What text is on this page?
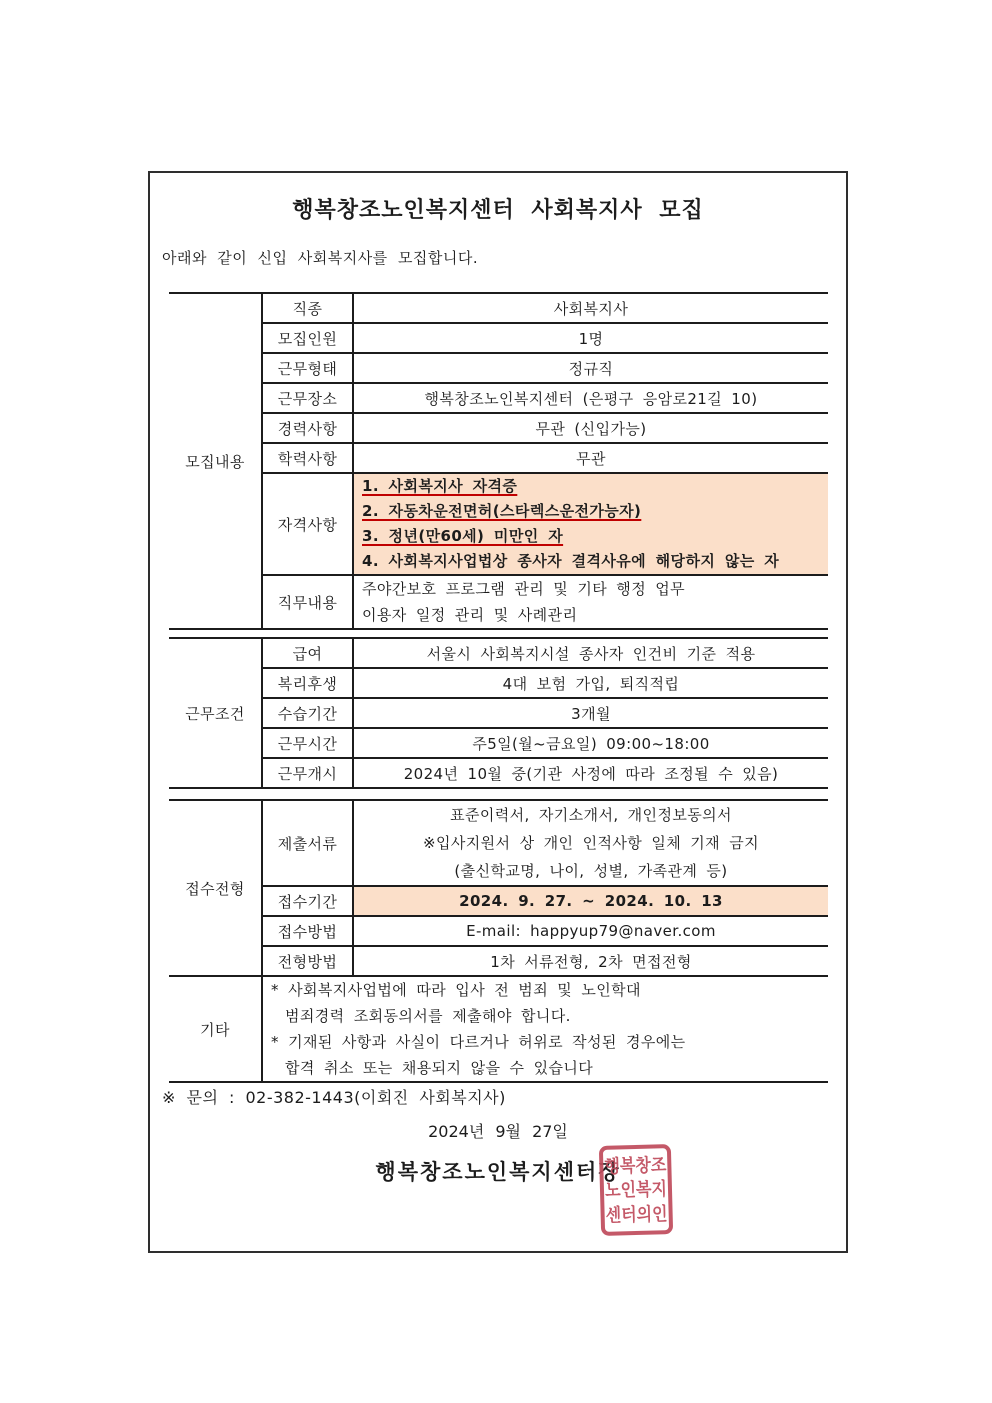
행복창조노인복지센터 사회복지사 모집
아래와 같이 신입 사회복지사를 모집합니다.
모집내용	직종	사회복지사
	모집인원	1명
	근무형태	정규직
	근무장소	행복창조노인복지센터 (은평구 응암로21길 10)
	경력사항	무관 (신입가능)
	학력사항	무관
	자격사항	1. 사회복지사 자격증
2. 자동차운전면허(스타렉스운전가능자)
3. 정년(만60세) 미만인 자
4. 사회복지사업법상 종사자 결격사유에 해당하지 않는 자

	직무내용	주야간보호 프로그램 관리 및 기타 행정 업무
이용자 일정 관리 및 사례관리
근무조건	급여	서울시 사회복지시설 종사자 인건비 기준 적용
	복리후생	4대 보험 가입, 퇴직적립
	수습기간	3개월
	근무시간	주5일(월~금요일) 09:00~18:00
	근무개시	2024년 10월 중(기관 사정에 따라 조정될 수 있음)
접수전형	제출서류	표준이력서, 자기소개서, 개인정보동의서
※입사지원서 상 개인 인적사항 일체 기재 금지
(출신학교명, 나이, 성별, 가족관계 등)

	접수기간	2024. 9. 27. ~ 2024. 10. 13
	접수방법	E-mail: happyup79@naver.com
	전형방법	1차 서류전형, 2차 면접전형
기타	* 사회복지사업법에 따라 입사 전 범죄 및 노인학대
범죄경력 조회동의서를 제출해야 합니다.
* 기재된 사항과 사실이 다르거나 허위로 작성된 경우에는
합격 취소 또는 채용되지 않을 수 있습니다	
※ 문의 : 02-382-1443(이회진 사회복지사)
2024년 9월 27일
행복창조노인복지센터장
행복창조
노인복지
센터의인
